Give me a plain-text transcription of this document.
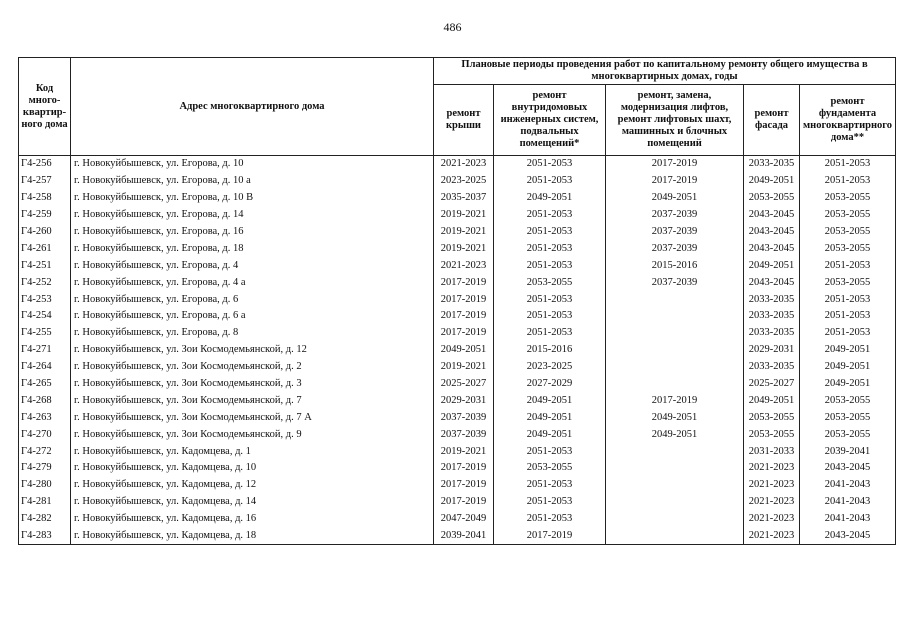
486
Код много-квартир-ного дома	Адрес многоквартирного дома	Плановые периоды проведения работ по капитальному ремонту общего имущества в многоквартирных домах, годы				
		ремонт крыши	ремонт внутридомовых инженерных систем, подвальных помещений*	ремонт, замена, модернизация лифтов, ремонт лифтовых шахт, машинных и блочных помещений	ремонт фасада	ремонт фундамента многоквартирного дома**
Г4-256	г. Новокуйбышевск, ул. Егорова, д. 10	2021-2023	2051-2053	2017-2019	2033-2035	2051-2053
Г4-257	г. Новокуйбышевск, ул. Егорова, д. 10 а	2023-2025	2051-2053	2017-2019	2049-2051	2051-2053
Г4-258	г. Новокуйбышевск, ул. Егорова, д. 10 В	2035-2037	2049-2051	2049-2051	2053-2055	2053-2055
Г4-259	г. Новокуйбышевск, ул. Егорова, д. 14	2019-2021	2051-2053	2037-2039	2043-2045	2053-2055
Г4-260	г. Новокуйбышевск, ул. Егорова, д. 16	2019-2021	2051-2053	2037-2039	2043-2045	2053-2055
Г4-261	г. Новокуйбышевск, ул. Егорова, д. 18	2019-2021	2051-2053	2037-2039	2043-2045	2053-2055
Г4-251	г. Новокуйбышевск, ул. Егорова, д. 4	2021-2023	2051-2053	2015-2016	2049-2051	2051-2053
Г4-252	г. Новокуйбышевск, ул. Егорова, д. 4 а	2017-2019	2053-2055	2037-2039	2043-2045	2053-2055
Г4-253	г. Новокуйбышевск, ул. Егорова, д. 6	2017-2019	2051-2053		2033-2035	2051-2053
Г4-254	г. Новокуйбышевск, ул. Егорова, д. 6 а	2017-2019	2051-2053		2033-2035	2051-2053
Г4-255	г. Новокуйбышевск, ул. Егорова, д. 8	2017-2019	2051-2053		2033-2035	2051-2053
Г4-271	г. Новокуйбышевск, ул. Зои Космодемьянской, д. 12	2049-2051	2015-2016		2029-2031	2049-2051
Г4-264	г. Новокуйбышевск, ул. Зои Космодемьянской, д. 2	2019-2021	2023-2025		2033-2035	2049-2051
Г4-265	г. Новокуйбышевск, ул. Зои Космодемьянской, д. 3	2025-2027	2027-2029		2025-2027	2049-2051
Г4-268	г. Новокуйбышевск, ул. Зои Космодемьянской, д. 7	2029-2031	2049-2051	2017-2019	2049-2051	2053-2055
Г4-263	г. Новокуйбышевск, ул. Зои Космодемьянской, д. 7 А	2037-2039	2049-2051	2049-2051	2053-2055	2053-2055
Г4-270	г. Новокуйбышевск, ул. Зои Космодемьянской, д. 9	2037-2039	2049-2051	2049-2051	2053-2055	2053-2055
Г4-272	г. Новокуйбышевск, ул. Кадомцева, д. 1	2019-2021	2051-2053		2031-2033	2039-2041
Г4-279	г. Новокуйбышевск, ул. Кадомцева, д. 10	2017-2019	2053-2055		2021-2023	2043-2045
Г4-280	г. Новокуйбышевск, ул. Кадомцева, д. 12	2017-2019	2051-2053		2021-2023	2041-2043
Г4-281	г. Новокуйбышевск, ул. Кадомцева, д. 14	2017-2019	2051-2053		2021-2023	2041-2043
Г4-282	г. Новокуйбышевск, ул. Кадомцева, д. 16	2047-2049	2051-2053		2021-2023	2041-2043
Г4-283	г. Новокуйбышевск, ул. Кадомцева, д. 18	2039-2041	2017-2019		2021-2023	2043-2045
